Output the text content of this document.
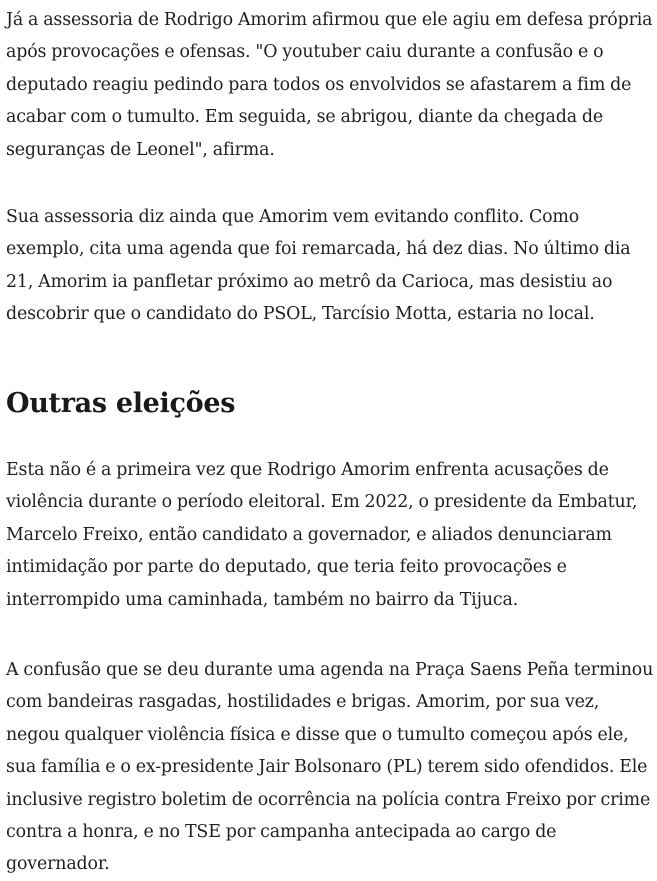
Já a assessoria de Rodrigo Amorim afirmou que ele agiu em defesa própria após provocações e ofensas. "O youtuber caiu durante a confusão e o deputado reagiu pedindo para todos os envolvidos se afastarem a fim de acabar com o tumulto. Em seguida, se abrigou, diante da chegada de seguranças de Leonel", afirma.

Sua assessoria diz ainda que Amorim vem evitando conflito. Como exemplo, cita uma agenda que foi remarcada, há dez dias. No último dia 21, Amorim ia panfletar próximo ao metrô da Carioca, mas desistiu ao descobrir que o candidato do PSOL, Tarcísio Motta, estaria no local.

Outras eleições

Esta não é a primeira vez que Rodrigo Amorim enfrenta acusações de violência durante o período eleitoral. Em 2022, o presidente da Embatur, Marcelo Freixo, então candidato a governador, e aliados denunciaram intimidação por parte do deputado, que teria feito provocações e interrompido uma caminhada, também no bairro da Tijuca.

A confusão que se deu durante uma agenda na Praça Saens Peña terminou com bandeiras rasgadas, hostilidades e brigas. Amorim, por sua vez, negou qualquer violência física e disse que o tumulto começou após ele, sua família e o ex-presidente Jair Bolsonaro (PL) terem sido ofendidos. Ele inclusive registro boletim de ocorrência na polícia contra Freixo por crime contra a honra, e no TSE por campanha antecipada ao cargo de governador.
